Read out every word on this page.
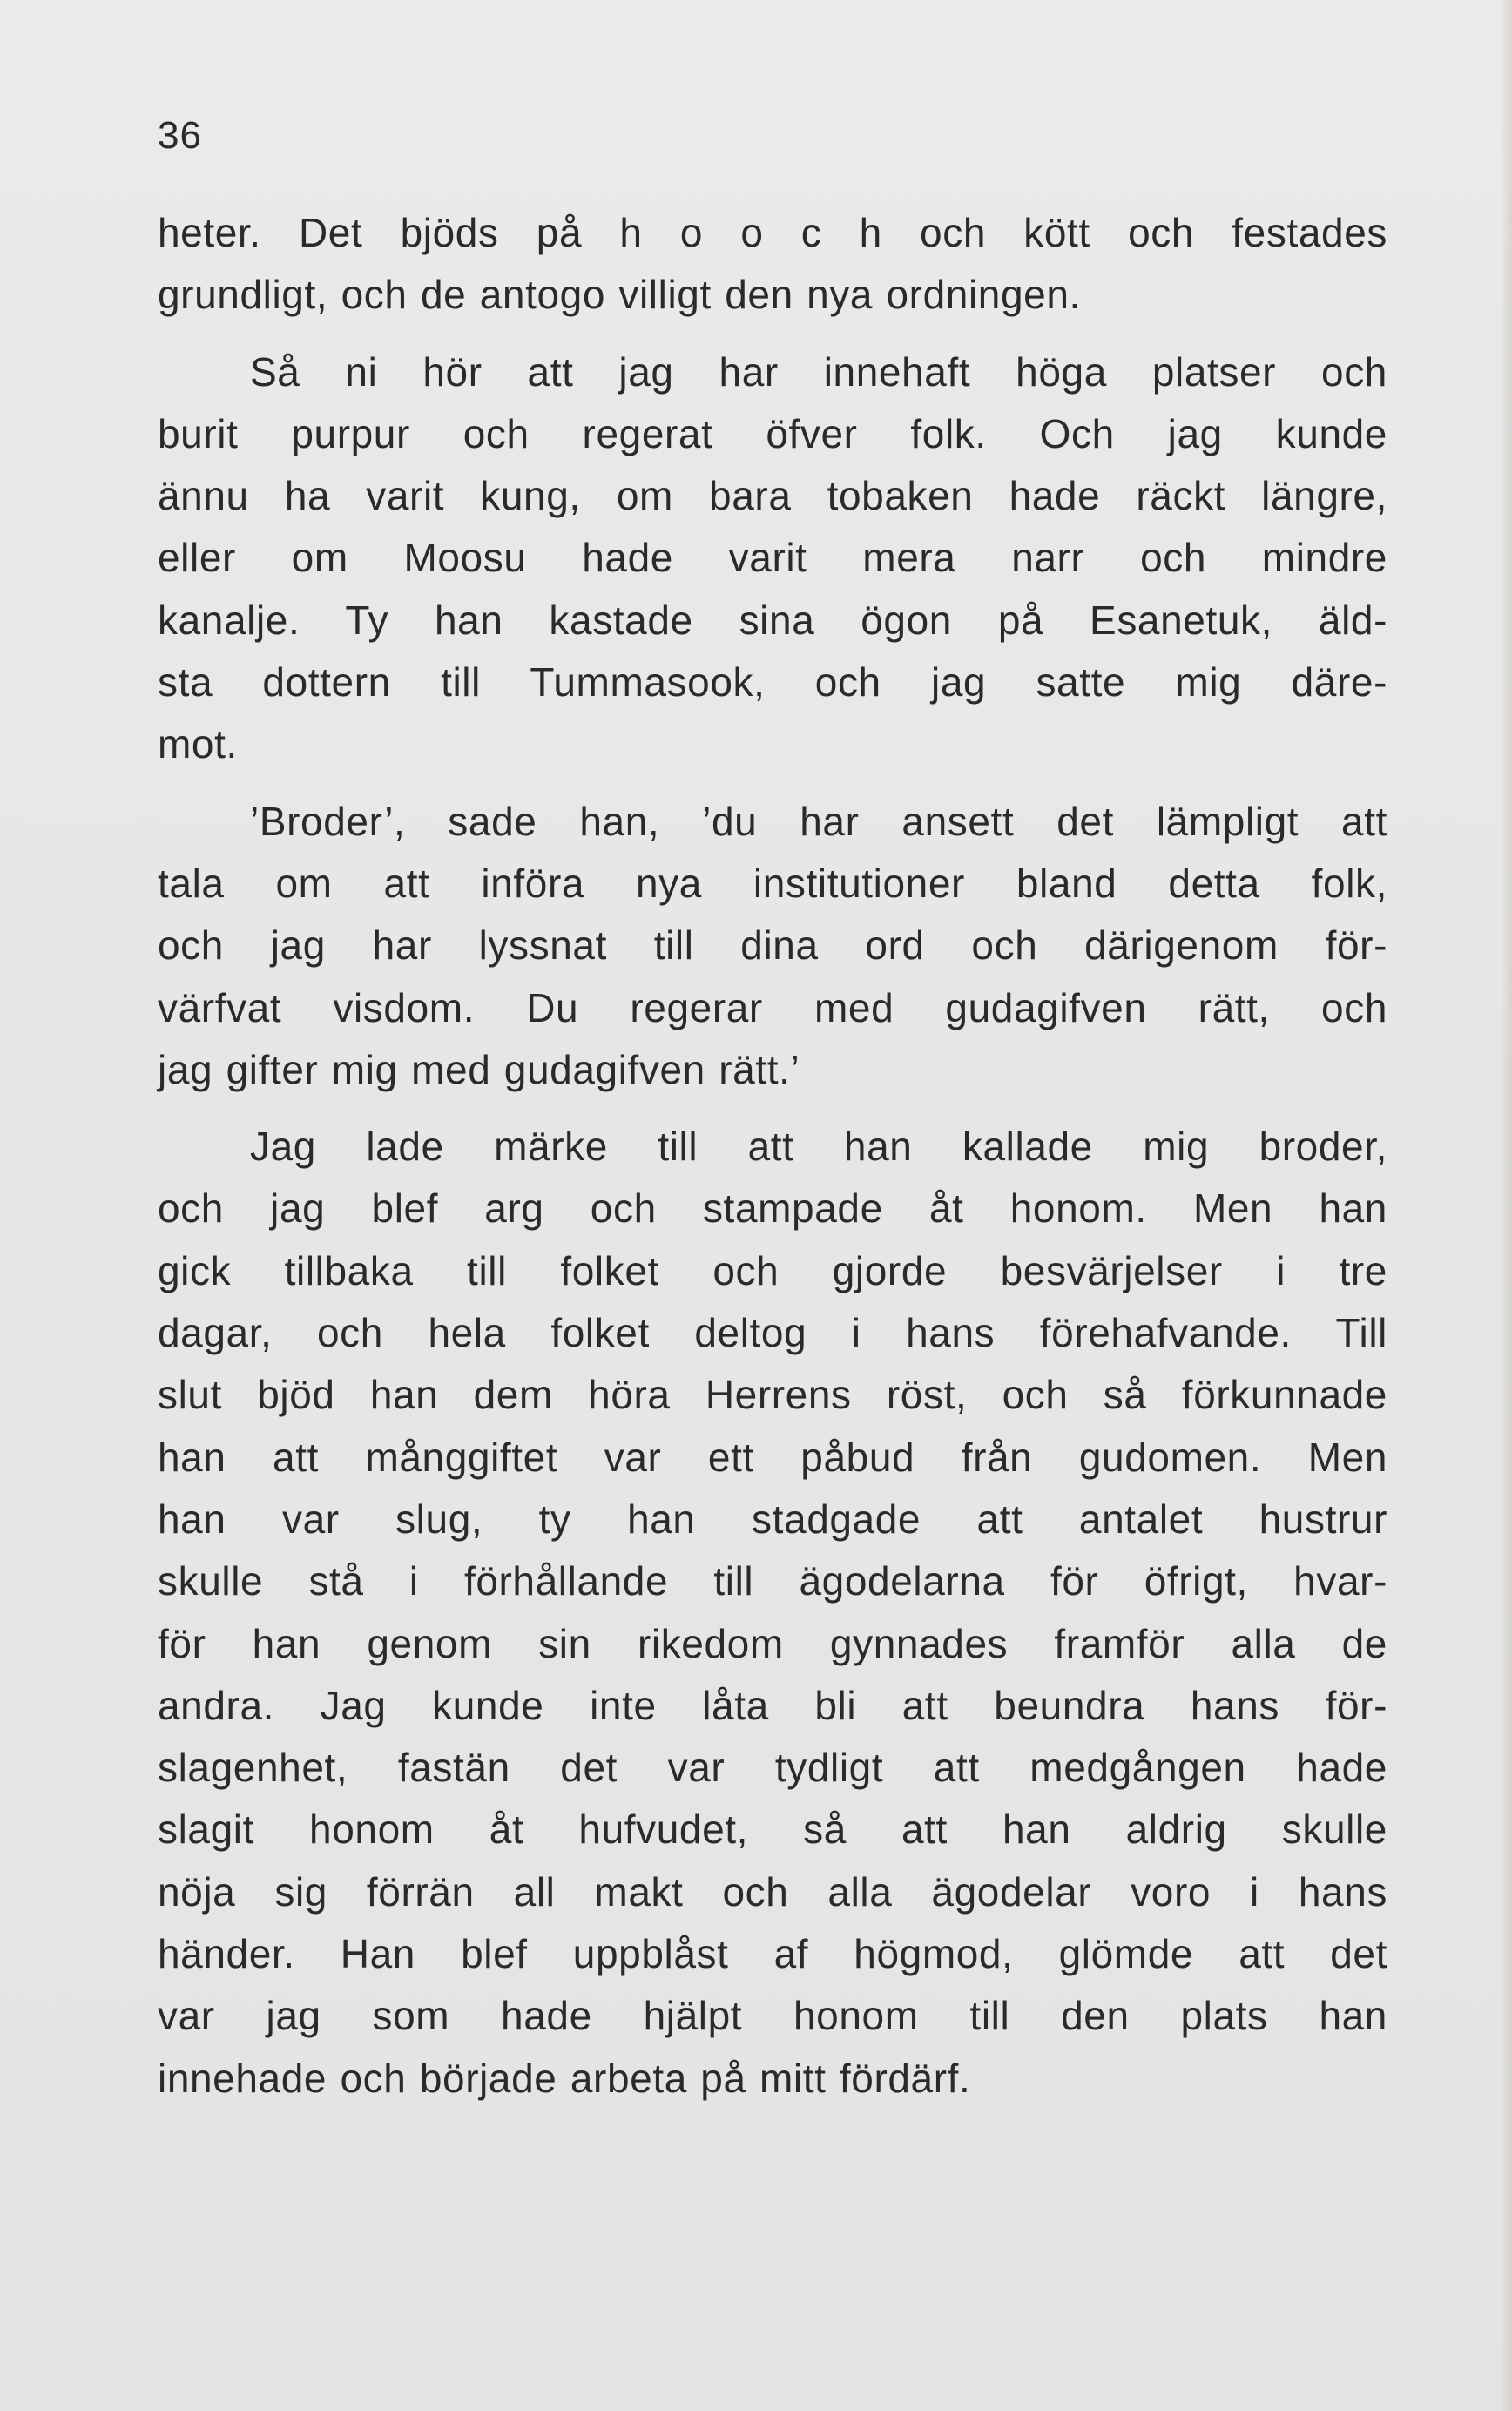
36
heter. Det bjöds på h o o c h och kött och festades
grundligt, och de antogo villigt den nya ordningen.
Så ni hör att jag har innehaft höga platser och
burit purpur och regerat öfver folk. Och jag kunde
ännu ha varit kung, om bara tobaken hade räckt längre,
eller om Moosu hade varit mera narr och mindre
kanalje. Ty han kastade sina ögon på Esanetuk, äld-
sta dottern till Tummasook, och jag satte mig däre-
mot.
’Broder’, sade han, ’du har ansett det lämpligt att
tala om att införa nya institutioner bland detta folk,
och jag har lyssnat till dina ord och därigenom för-
värfvat visdom. Du regerar med gudagifven rätt, och
jag gifter mig med gudagifven rätt.’
Jag lade märke till att han kallade mig broder,
och jag blef arg och stampade åt honom. Men han
gick tillbaka till folket och gjorde besvärjelser i tre
dagar, och hela folket deltog i hans förehafvande. Till
slut bjöd han dem höra Herrens röst, och så förkunnade
han att månggiftet var ett påbud från gudomen. Men
han var slug, ty han stadgade att antalet hustrur
skulle stå i förhållande till ägodelarna för öfrigt, hvar-
för han genom sin rikedom gynnades framför alla de
andra. Jag kunde inte låta bli att beundra hans för-
slagenhet, fastän det var tydligt att medgången hade
slagit honom åt hufvudet, så att han aldrig skulle
nöja sig förrän all makt och alla ägodelar voro i hans
händer. Han blef uppblåst af högmod, glömde att det
var jag som hade hjälpt honom till den plats han
innehade och började arbeta på mitt fördärf.
